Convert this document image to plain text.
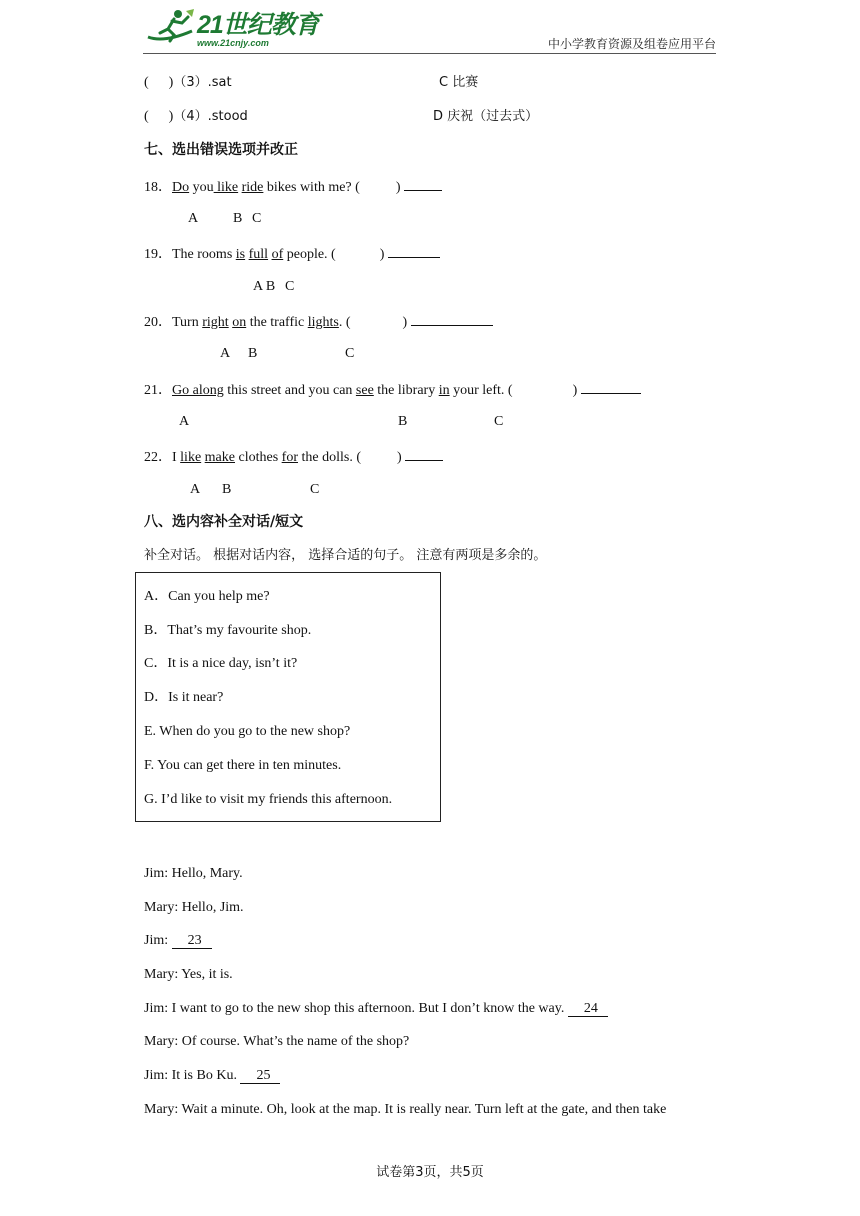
21世纪教育
www.21cnjy.com	中小学教育资源及组卷应用平台
( )（3）.sat	C 比赛
( )（4）.stood	D 庆祝（过去式）
七、选出错误选项并改正
18．Do you like ride bikes with me? (	)
A B C
19．The rooms is full of people. (	)
A B C
20．Turn right on the traffic lights. (	)
A B	C
21．Go along this street and you can see the library in your left. (	)
A	B	C
22．I like make clothes for the dolls. (	)
A B	C
八、选内容补全对话/短文
补全对话。 根据对话内容， 选择合适的句子。 注意有两项是多余的。
A．Can you help me?
B．That’s my favourite shop.
C．It is a nice day, isn’t it?
D．Is it near?
E. When do you go to the new shop?
F. You can get there in ten minutes.
G. I’d like to visit my friends this afternoon.
Jim: Hello, Mary.
Mary: Hello, Jim.
Jim: 23
Mary: Yes, it is.
Jim: I want to go to the new shop this afternoon. But I don’t know the way. 24
Mary: Of course. What’s the name of the shop?
Jim: It is Bo Ku. 25
Mary: Wait a minute. Oh, look at the map. It is really near. Turn left at the gate, and then take
试卷第3页，共5页
